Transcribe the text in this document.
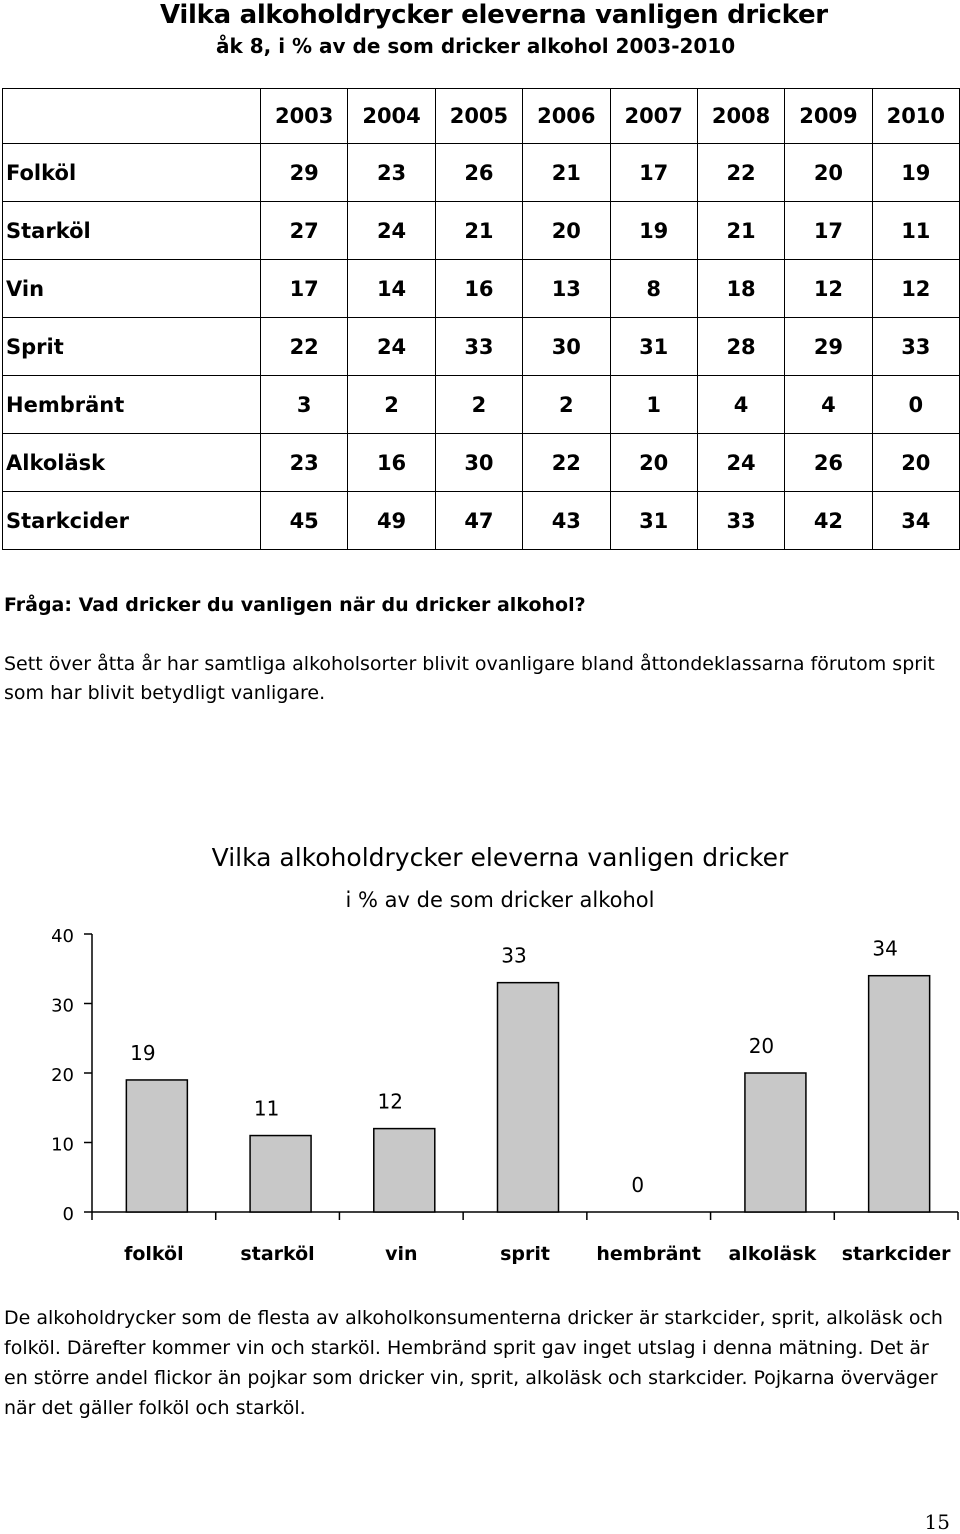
Vilka alkoholdrycker eleverna vanligen dricker
åk 8, i % av de som dricker alkohol 2003-2010
	2003	2004	2005	2006	2007	2008	2009	2010
Folköl	29	23	26	21	17	22	20	19
Starköl	27	24	21	20	19	21	17	11
Vin	17	14	16	13	8	18	12	12
Sprit	22	24	33	30	31	28	29	33
Hembränt	3	2	2	2	1	4	4	0
Alkoläsk	23	16	30	22	20	24	26	20
Starkcider	45	49	47	43	31	33	42	34
Fråga: Vad dricker du vanligen när du dricker alkohol?
Sett över åtta år har samtliga alkoholsorter blivit ovanligare bland åttondeklassarna förutom sprit som har blivit betydligt vanligare.
Vilka alkoholdrycker eleverna vanligen dricker
i % av de som dricker alkohol
0
10
20
30
40
19
folköl
11
starköl
12
vin
33
sprit
0
hembränt
20
alkoläsk
34
starkcider
De alkoholdrycker som de flesta av alkoholkonsumenterna dricker är starkcider, sprit, alkoläsk och folköl. Därefter kommer vin och starköl. Hembränd sprit gav inget utslag i denna mätning. Det är en större andel flickor än pojkar som dricker vin, sprit, alkoläsk och starkcider. Pojkarna överväger när det gäller folköl och starköl.
15
